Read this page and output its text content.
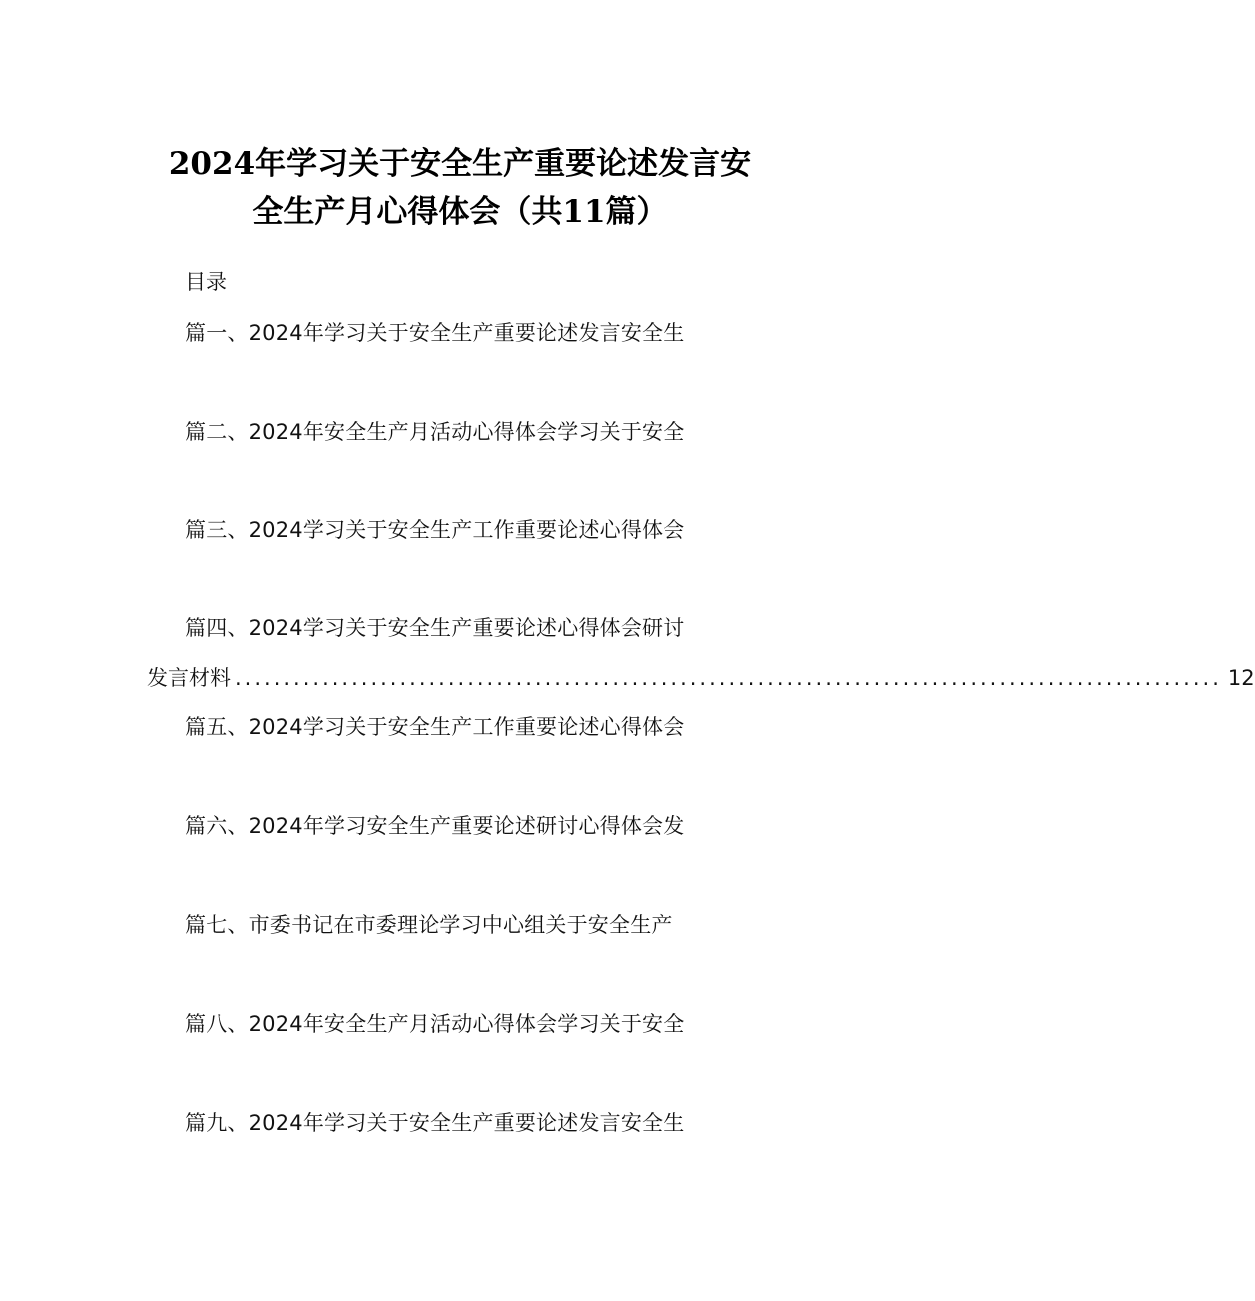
2024年学习关于安全生产重要论述发言安
全生产月心得体会（共11篇）
目录
篇一、2024年学习关于安全生产重要论述发言安全生
篇二、2024年安全生产月活动心得体会学习关于安全
篇三、2024学习关于安全生产工作重要论述心得体会
篇四、2024学习关于安全生产重要论述心得体会研讨
发言材料 ...................................................................................................... 12
篇五、2024学习关于安全生产工作重要论述心得体会
篇六、2024年学习安全生产重要论述研讨心得体会发
篇七、市委书记在市委理论学习中心组关于安全生产
篇八、2024年安全生产月活动心得体会学习关于安全
篇九、2024年学习关于安全生产重要论述发言安全生
